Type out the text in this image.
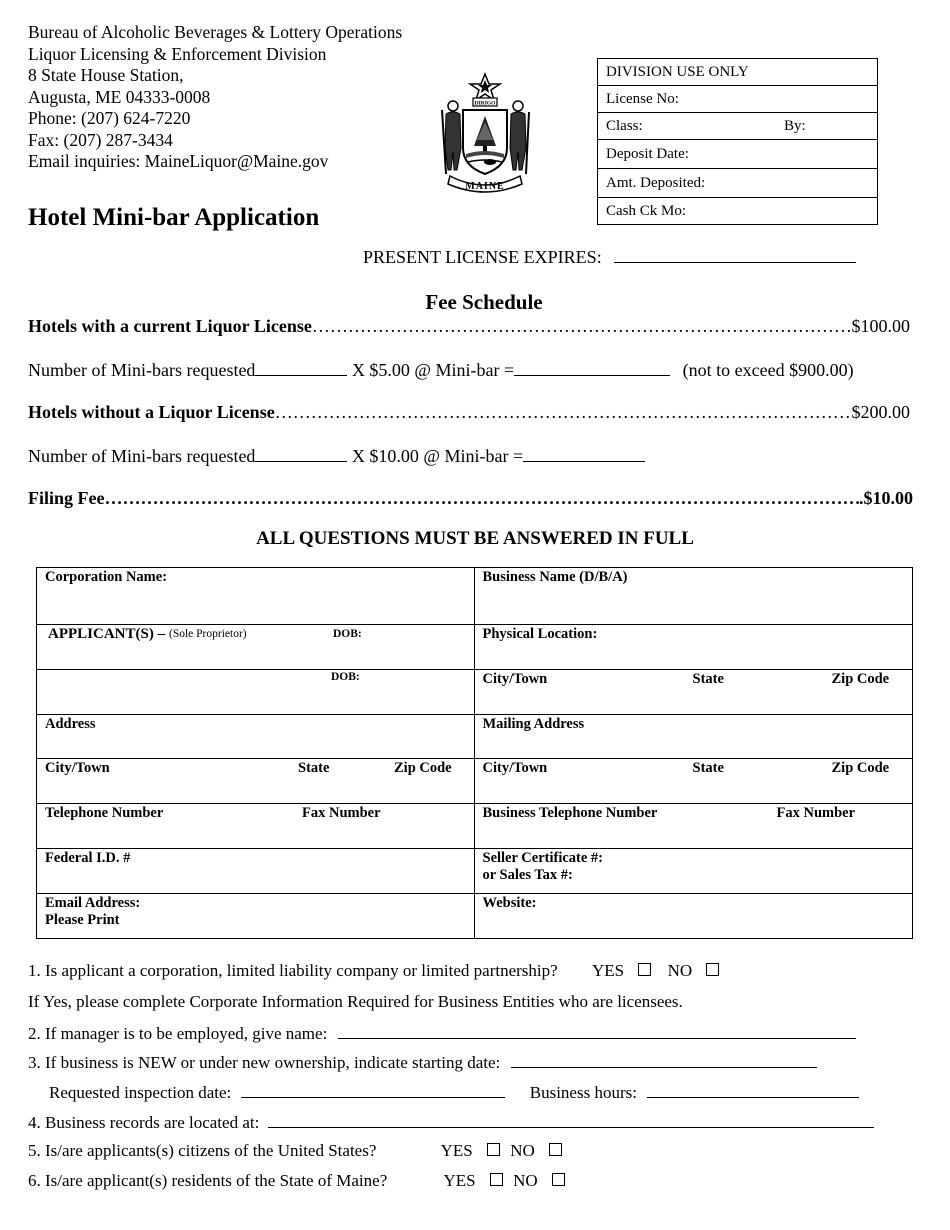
Bureau of Alcoholic Beverages & Lottery Operations
Liquor Licensing & Enforcement Division
8 State House Station,
Augusta, ME 04333-0008
Phone: (207) 624-7220
Fax: (207) 287-3434
Email inquiries: MaineLiquor@Maine.gov
Hotel Mini-bar Application
DIRIGO
MAINE
DIVISION USE ONLY
License No:
Class:	By:
Deposit Date:
Amt. Deposited:
Cash Ck Mo:
PRESENT LICENSE EXPIRES:
Fee Schedule
Hotels with a current Liquor License …………………………………………………………………………………………………………………………………………………………………………………………	$100.00
Number of Mini-bars requested	X $5.00 @ Mini-bar =	(not to exceed $900.00)
Hotels without a Liquor License …………………………………………………………………………………………………………………………………………………………………………………………	$200.00
Number of Mini-bars requested	X $10.00 @ Mini-bar =
Filing Fee …………………………………………………………………………………………………………………………………………………………………………………………	.$10.00
ALL QUESTIONS MUST BE ANSWERED IN FULL
Corporation Name:	Business Name (D/B/A)

APPLICANT(S) – (Sole Proprietor) DOB:	Physical Location:

DOB:	City/Town State Zip Code

Address	Mailing Address

City/Town State Zip Code	City/Town State Zip Code

Telephone Number Fax Number	Business Telephone Number Fax Number

Federal I.D. #	Seller Certificate #:
or Sales Tax #:

Email Address:
Please Print	Website:
1. Is applicant a corporation, limited liability company or limited partnership? YES	NO
If Yes, please complete Corporate Information Required for Business Entities who are licensees.
2. If manager is to be employed, give name:
3. If business is NEW or under new ownership, indicate starting date:
Requested inspection date:	Business hours:
4. Business records are located at:
5. Is/are applicants(s) citizens of the United States?	YES NO
6. Is/are applicant(s) residents of the State of Maine?	YES NO
